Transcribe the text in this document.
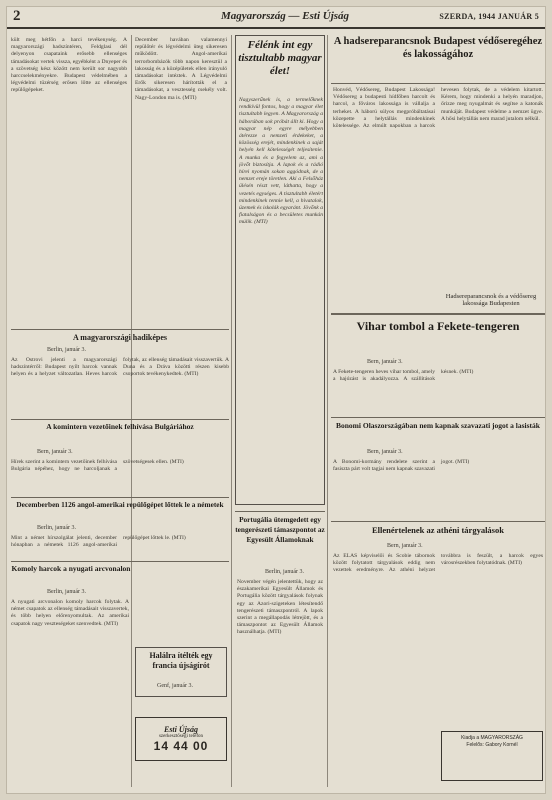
2	Magyarország — Esti Újság	SZERDA, 1944 JANUÁR 5
kült meg hétfőn a harci tevékenység. A magyarországi hadszíntéren, Feldglasi dél delyenyon csapataink erősebb ellenséges támadásokat vertek vissza, egyébként a Dnyeper és a szövetség kész között nem került sor nagyobb harccselekményekre. Budapest védelmében a légvédelmi tüzérség erősen lőtte az ellenséges repülőgépeket.
December havában valamennyi repülőtér és légvédelmi üteg sikeresen működött. Angol-amerikai terrorbombázók több napon keresztül a lakosság és a középületek ellen irányuló támadásokat intéztek. A Légvédelmi Erők sikeresen hárították el a támadásokat, a vesztesség csekély volt. Nagy-London ma is. (MTI)
Félénk int egy tisztultabb magyar élet!
Nagyszerűnek is, a termelőknek rendkívül fontos, hogy a magyar élet tisztultabb legyen. A Magyarország a háborúban sok próbát állt ki. Hogy a magyar nép egyre mélyebben átérezze a nemzeti érdekeket, a közösség erejét, mindenkinek a saját helyén kell kötelességét teljesítenie. A munka és a fegyelem az, ami a jövőt biztosítja. A lapok és a rádió hírei nyomán sokan aggódnak, de a nemzet ereje töretlen. Aki a Felsőház ülésén részt vett, láthatta, hogy a vezetés egységes. A tisztultabb életért mindenkinek tennie kell, a hivatalok, üzemek és iskolák egyaránt. Jövőnk a fiatalságon és a becsületes munkán múlik. (MTI)
A hadsereparancsnok Budapest védőseregéhez és lakosságához
Honvéd, Védősereg, Budapest Lakossága! Védősereg a budapesti hídfőben harcolt és harcol, a főváros lakossága is vállalja a terheket. A háború súlyos megpróbáltatásai közepette a helytállás mindenkinek kötelessége. Az elmúlt napokban a harcok hevesen folytak, de a védelem kitartott. Kérem, hogy mindenki a helyén maradjon, őrizze meg nyugalmát és segítse a katonák munkáját. Budapest védelme a nemzet ügye. A hősi helytállás nem marad jutalom nélkül.
Hadsereparancsnok és a védősereg lakossága Budapesten
A magyarországi hadiképes
Berlin, január 3.
Az Ostrovi jelenti a magyarországi hadszíntérről: Budapest nyílt harcok vannak helyen és a helyzet változatlan. Heves harcok folytak, az ellenség támadásait visszavertük. A Duna és a Dráva közötti részen kisebb csoportok tevékenykedtek. (MTI)
A komintern vezetőinek felhívása Bulgáriához
Bern, január 3.
Hírek szerint a komintern vezetőinek felhívása Bulgária népéhez, hogy ne harcoljanak a szövetségesek ellen. (MTI)
Decemberben 1126 angol-amerikai repülőgépet lőttek le a németek
Berlin, január 3.
Mint a német hírszolgálat jelenti, december hónapban a németek 1126 angol-amerikai repülőgépet lőttek le. (MTI)
Komoly harcok a nyugati arcvonalon
Berlin, január 3.
A nyugati arcvonalon komoly harcok folytak. A német csapatok az ellenség támadásait visszavertek, és több helyen előrenyomultak. Az amerikai csapatok nagy veszteségeket szenvedtek. (MTI)
Halálra ítélték egy francia újságírót
Genf, január 3.
Esti Újság
szerkesztőségi telefon
14 44 00
Portugália ütemgedett egy tengerészeti támaszpontot az Egyesült Államoknak
Berlin, január 3.
November végén jelentettük, hogy az északamerikai Egyesült Államok és Portugália között tárgyalások folynak egy az Azori-szigeteken létesítendő tengerészeti támaszpontról. A lapok szerint a megállapodás létrejött, és a támaszpontot az Egyesült Államok használhatja. (MTI)
Vihar tombol a Fekete-tengeren
Bern, január 3.
A Fekete-tengeren heves vihar tombol, amely a hajózást is akadályozza. A szállítások késnek. (MTI)
Bonomi Olaszországában nem kapnak szavazati jogot a lasisták
Bern, január 3.
A Bonomi-kormány rendelete szerint a fasiszta párt volt tagjai nem kapnak szavazati jogot. (MTI)
Ellenértelenek az athéni tárgyalások
Bern, január 3.
Az ELAS képviselői és Scobie tábornok között folytatott tárgyalások eddig nem vezettek eredményre. Az athéni helyzet továbbra is feszült, a harcok egyes városrészekben folytatódnak. (MTI)
Kiadja a MAGYARORSZÁG
Felelős: Gabory Kornél
